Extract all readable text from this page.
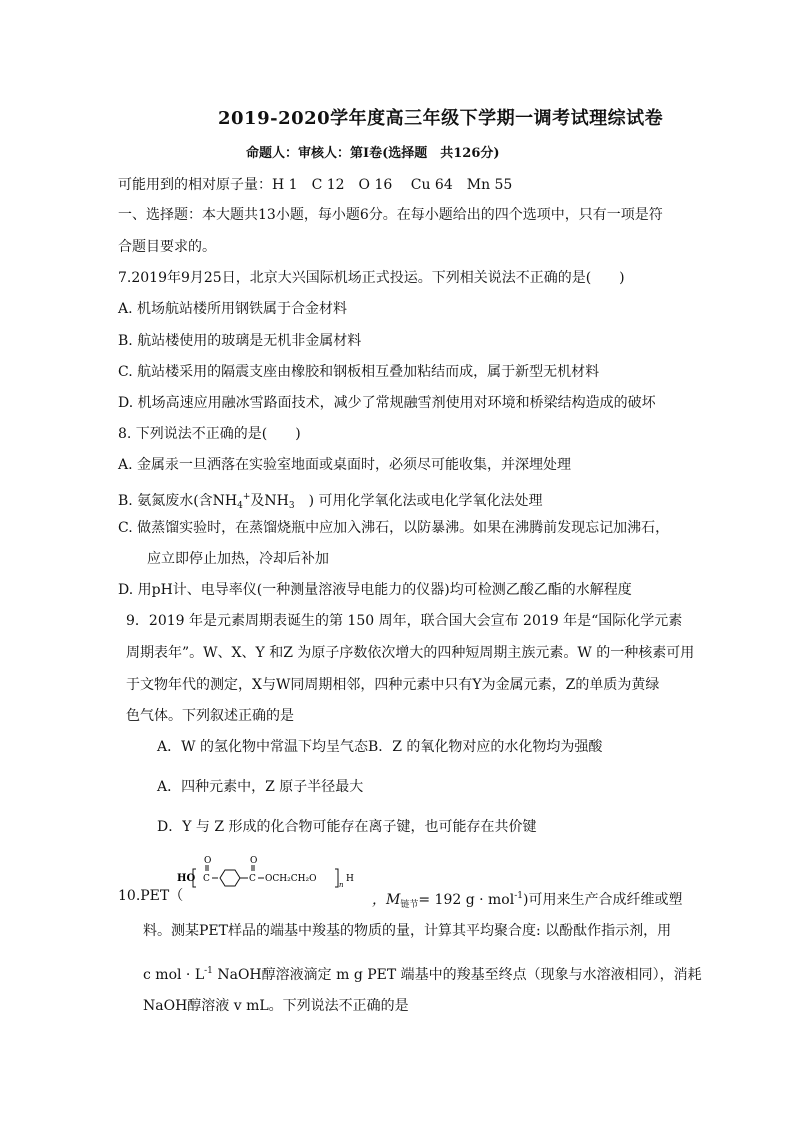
2019-2020学年度高三年级下学期一调考试理综试卷
命题人：审核人：第Ⅰ卷(选择题　共126分)
可能用到的相对原子量：H 1　C 12　O 16　 Cu 64　Mn 55
一、选择题：本大题共13小题，每小题6分。在每小题给出的四个选项中，只有一项是符
合题目要求的。
7.2019年9月25日，北京大兴国际机场正式投运。下列相关说法不正确的是(　　)
A. 机场航站楼所用钢铁属于合金材料
B. 航站楼使用的玻璃是无机非金属材料
C. 航站楼采用的隔震支座由橡胶和钢板相互叠加粘结而成，属于新型无机材料
D. 机场高速应用融冰雪路面技术，减少了常规融雪剂使用对环境和桥梁结构造成的破坏
8. 下列说法不正确的是(　　)
A. 金属汞一旦洒落在实验室地面或桌面时，必须尽可能收集，并深埋处理
B. 氨氮废水(含$NH_4^+$及$NH_3$　) 可用化学氧化法或电化学氧化法处理
C. 做蒸馏实验时，在蒸馏烧瓶中应加入沸石，以防暴沸。如果在沸腾前发现忘记加沸石，
应立即停止加热，冷却后补加
D. 用pH计、电导率仪(一种测量溶液导电能力的仪器)均可检测乙酸乙酯的水解程度
9．2019 年是元素周期表诞生的第 150 周年，联合国大会宣布 2019 年是“国际化学元素
周期表年”。W、X、Y 和Z 为原子序数依次增大的四种短周期主族元素。W 的一种核素可用
于文物年代的测定，X与W同周期相邻，四种元素中只有Y为金属元素，Z的单质为黄绿
色气体。下列叙述正确的是
A．W 的氢化物中常温下均呈气态B．Z 的氧化物对应的水化物均为强酸
A．四种元素中，Z 原子半径最大
D．Y 与 Z 形成的化合物可能存在离子键，也可能存在共价键
10.PET（
HO
O
C
O
C OCH₂CH₂O
n
H
，$M_{链节}= 192$ g · mol$^{-1}$)可用来生产合成纤维或塑
料。测某PET样品的端基中羧基的物质的量，计算其平均聚合度: 以酚酞作指示剂，用
c mol · $L^{-1}$ NaOH醇溶液滴定 m g PET 端基中的羧基至终点（现象与水溶液相同），消耗
NaOH醇溶液 v mL。下列说法不正确的是
